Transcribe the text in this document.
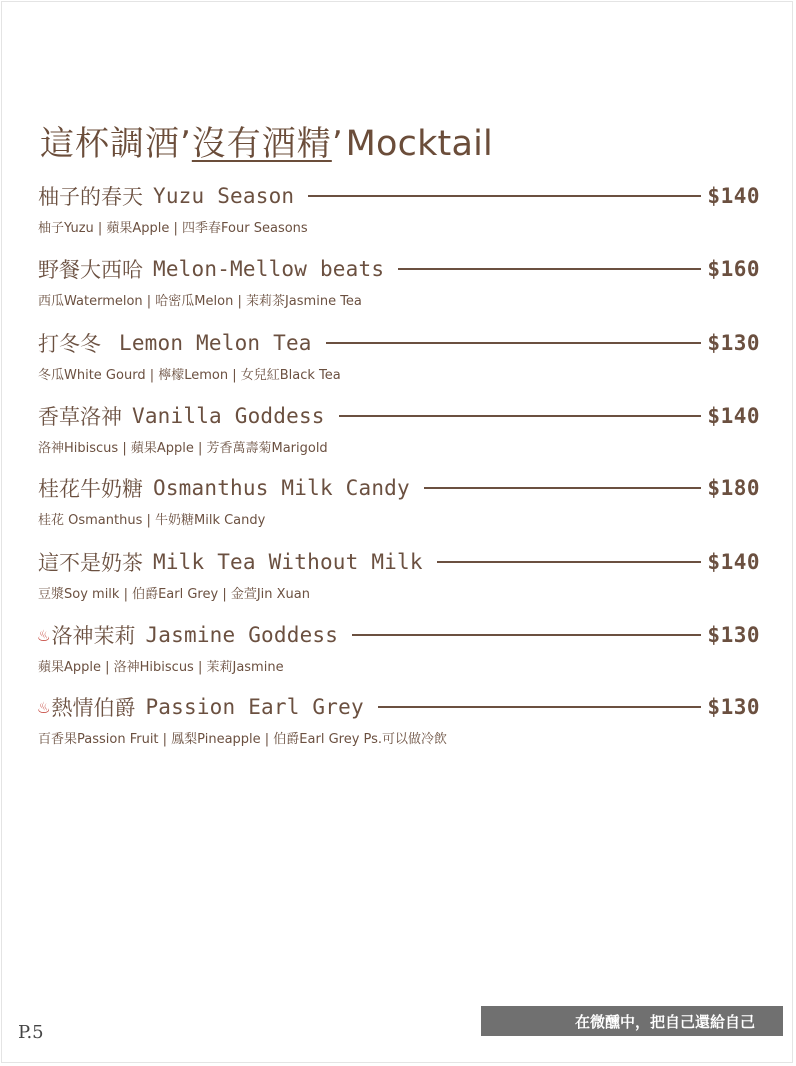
這杯調酒’沒有酒精’Mocktail
柚子的春天 Yuzu Season	$140
柚子Yuzu | 蘋果Apple | 四季春Four Seasons
野餐大西哈 Melon-Mellow beats	$160
西瓜Watermelon | 哈密瓜Melon | 茉莉茶Jasmine Tea
打冬冬 Lemon Melon Tea	$130
冬瓜White Gourd | 檸檬Lemon | 女兒紅Black Tea
香草洛神 Vanilla Goddess	$140
洛神Hibiscus | 蘋果Apple | 芳香萬壽菊Marigold
桂花牛奶糖 Osmanthus Milk Candy	$180
桂花 Osmanthus | 牛奶糖Milk Candy
這不是奶茶 Milk Tea Without Milk	$140
豆漿Soy milk | 伯爵Earl Grey | 金萱Jin Xuan
♨ 洛神茉莉 Jasmine Goddess	$130
蘋果Apple | 洛神Hibiscus | 茉莉Jasmine
♨ 熱情伯爵 Passion Earl Grey	$130
百香果Passion Fruit | 鳳梨Pineapple | 伯爵Earl Grey Ps.可以做冷飲
P.5
在微醺中，把自己還給自己
